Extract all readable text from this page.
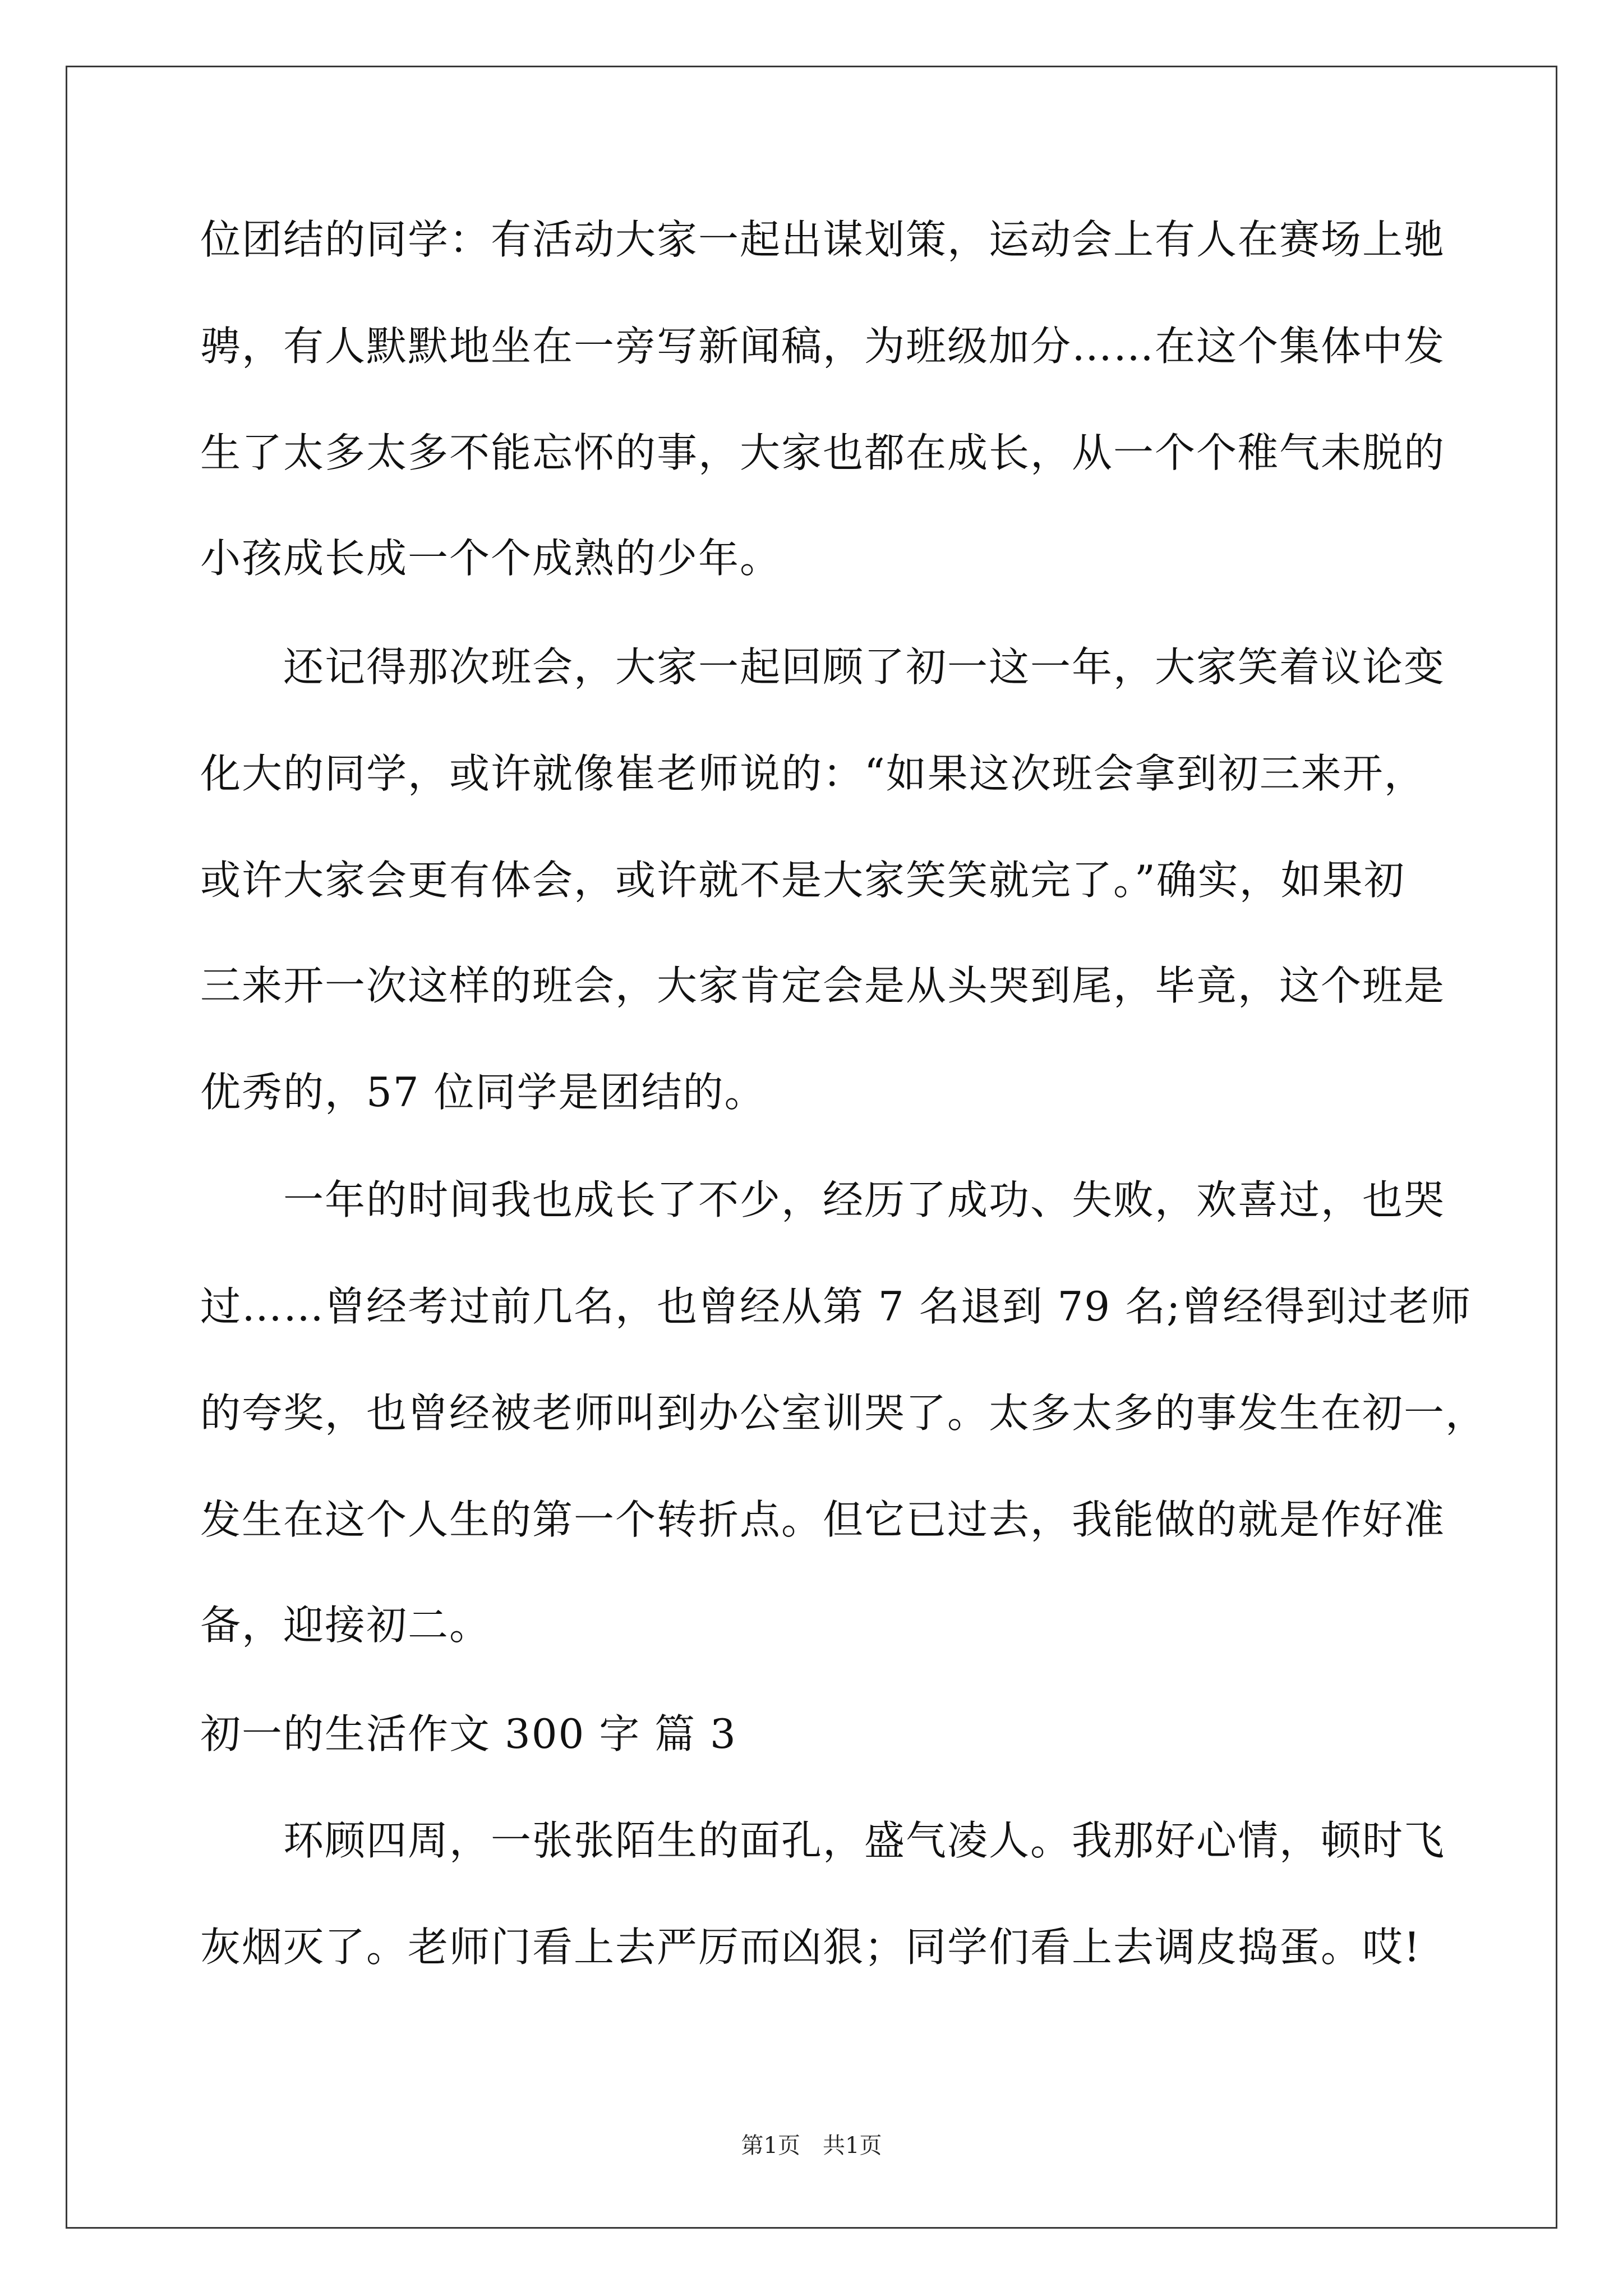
位团结的同学：有活动大家一起出谋划策，运动会上有人在赛场上驰
骋，有人默默地坐在一旁写新闻稿，为班级加分……在这个集体中发
生了太多太多不能忘怀的事，大家也都在成长，从一个个稚气未脱的
小孩成长成一个个成熟的少年。
　　还记得那次班会，大家一起回顾了初一这一年，大家笑着议论变
化大的同学，或许就像崔老师说的：“如果这次班会拿到初三来开，
或许大家会更有体会，或许就不是大家笑笑就完了。”确实，如果初
三来开一次这样的班会，大家肯定会是从头哭到尾，毕竟，这个班是
优秀的，57 位同学是团结的。
　　一年的时间我也成长了不少，经历了成功、失败，欢喜过，也哭
过……曾经考过前几名，也曾经从第 7 名退到 79 名;曾经得到过老师
的夸奖，也曾经被老师叫到办公室训哭了。太多太多的事发生在初一，
发生在这个人生的第一个转折点。但它已过去，我能做的就是作好准
备，迎接初二。
初一的生活作文 300 字 篇 3
　　环顾四周，一张张陌生的面孔，盛气凌人。我那好心情，顿时飞
灰烟灭了。老师门看上去严厉而凶狠；同学们看上去调皮捣蛋。哎!
第1页　共1页
